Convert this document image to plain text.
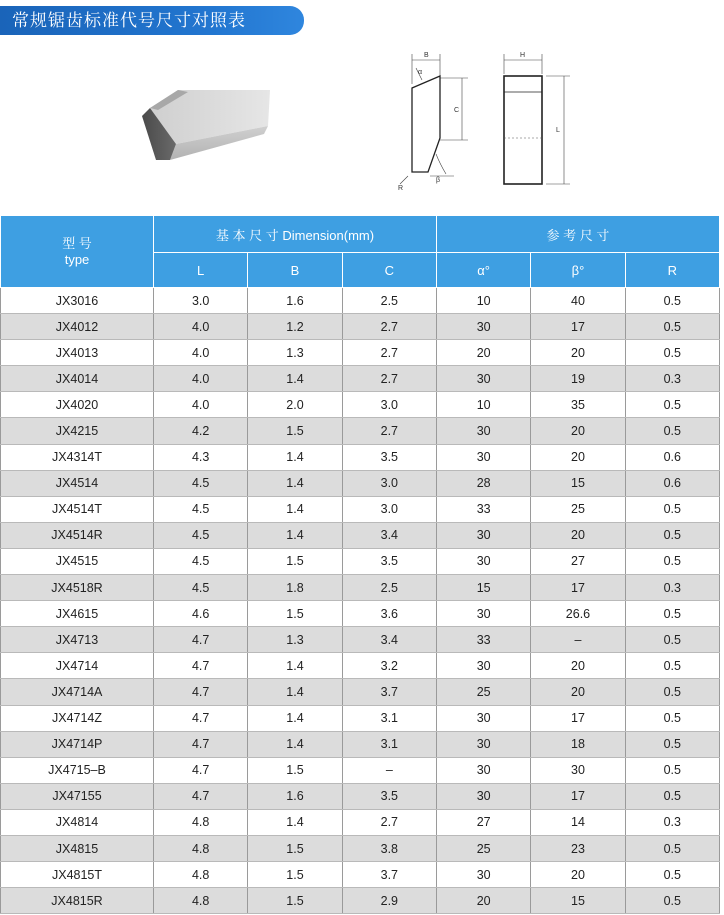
常规锯齿标准代号尺寸对照表
B
C
α
β
R
H
L
型 号
type	基 本 尺 寸 Dimension(mm)			参 考 尺 寸		
	L	B	C	α°	β°	R
JX3016	3.0	1.6	2.5	10	40	0.5
JX4012	4.0	1.2	2.7	30	17	0.5
JX4013	4.0	1.3	2.7	20	20	0.5
JX4014	4.0	1.4	2.7	30	19	0.3
JX4020	4.0	2.0	3.0	10	35	0.5
JX4215	4.2	1.5	2.7	30	20	0.5
JX4314T	4.3	1.4	3.5	30	20	0.6
JX4514	4.5	1.4	3.0	28	15	0.6
JX4514T	4.5	1.4	3.0	33	25	0.5
JX4514R	4.5	1.4	3.4	30	20	0.5
JX4515	4.5	1.5	3.5	30	27	0.5
JX4518R	4.5	1.8	2.5	15	17	0.3
JX4615	4.6	1.5	3.6	30	26.6	0.5
JX4713	4.7	1.3	3.4	33	–	0.5
JX4714	4.7	1.4	3.2	30	20	0.5
JX4714A	4.7	1.4	3.7	25	20	0.5
JX4714Z	4.7	1.4	3.1	30	17	0.5
JX4714P	4.7	1.4	3.1	30	18	0.5
JX4715–B	4.7	1.5	–	30	30	0.5
JX47155	4.7	1.6	3.5	30	17	0.5
JX4814	4.8	1.4	2.7	27	14	0.3
JX4815	4.8	1.5	3.8	25	23	0.5
JX4815T	4.8	1.5	3.7	30	20	0.5
JX4815R	4.8	1.5	2.9	20	15	0.5
